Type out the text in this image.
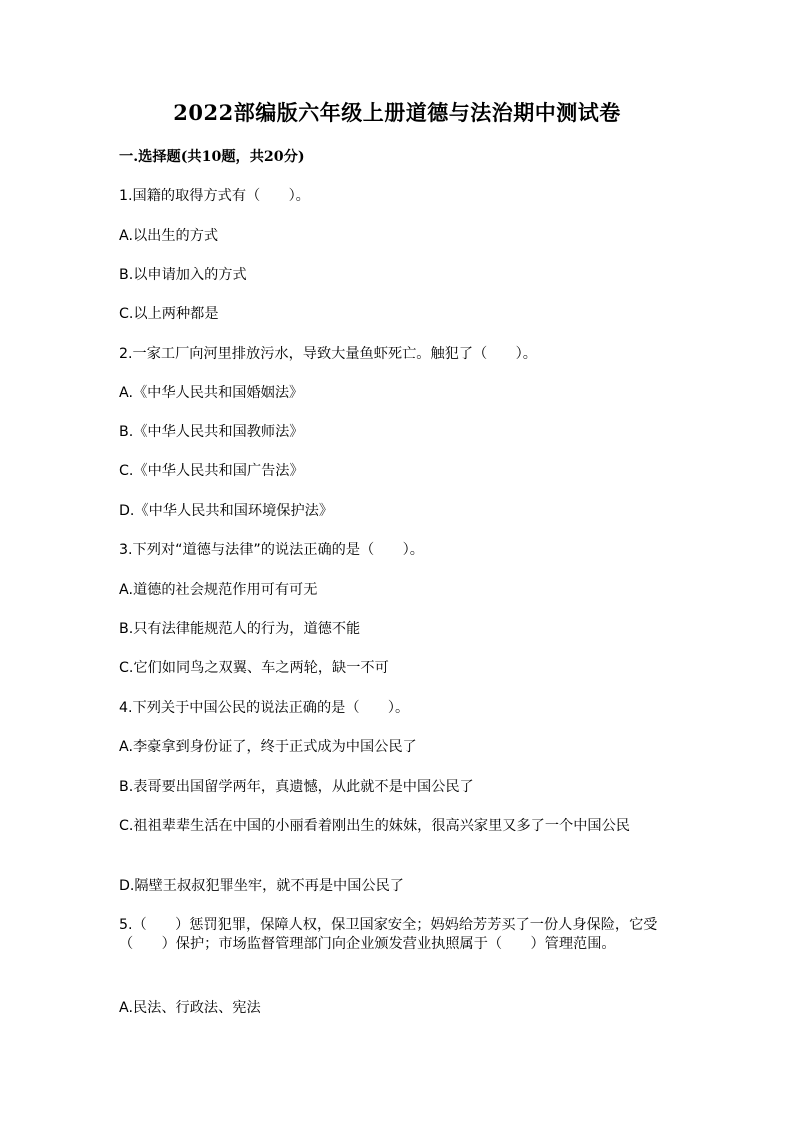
2022部编版六年级上册道德与法治期中测试卷
一.选择题(共10题，共20分)
1.国籍的取得方式有（　　）。
A.以出生的方式
B.以申请加入的方式
C.以上两种都是
2.一家工厂向河里排放污水，导致大量鱼虾死亡。触犯了（　　）。
A.《中华人民共和国婚姻法》
B.《中华人民共和国教师法》
C.《中华人民共和国广告法》
D.《中华人民共和国环境保护法》
3.下列对“道德与法律”的说法正确的是（　　）。
A.道德的社会规范作用可有可无
B.只有法律能规范人的行为，道德不能
C.它们如同鸟之双翼、车之两轮，缺一不可
4.下列关于中国公民的说法正确的是（　　）。
A.李豪拿到身份证了，终于正式成为中国公民了
B.表哥要出国留学两年，真遗憾，从此就不是中国公民了
C.祖祖辈辈生活在中国的小丽看着刚出生的妹妹，很高兴家里又多了一个中国公民
D.隔壁王叔叔犯罪坐牢，就不再是中国公民了
5.（　　）惩罚犯罪，保障人权，保卫国家安全；妈妈给芳芳买了一份人身保险，它受（　　）保护；市场监督管理部门向企业颁发营业执照属于（　　）管理范围。
A.民法、行政法、宪法
